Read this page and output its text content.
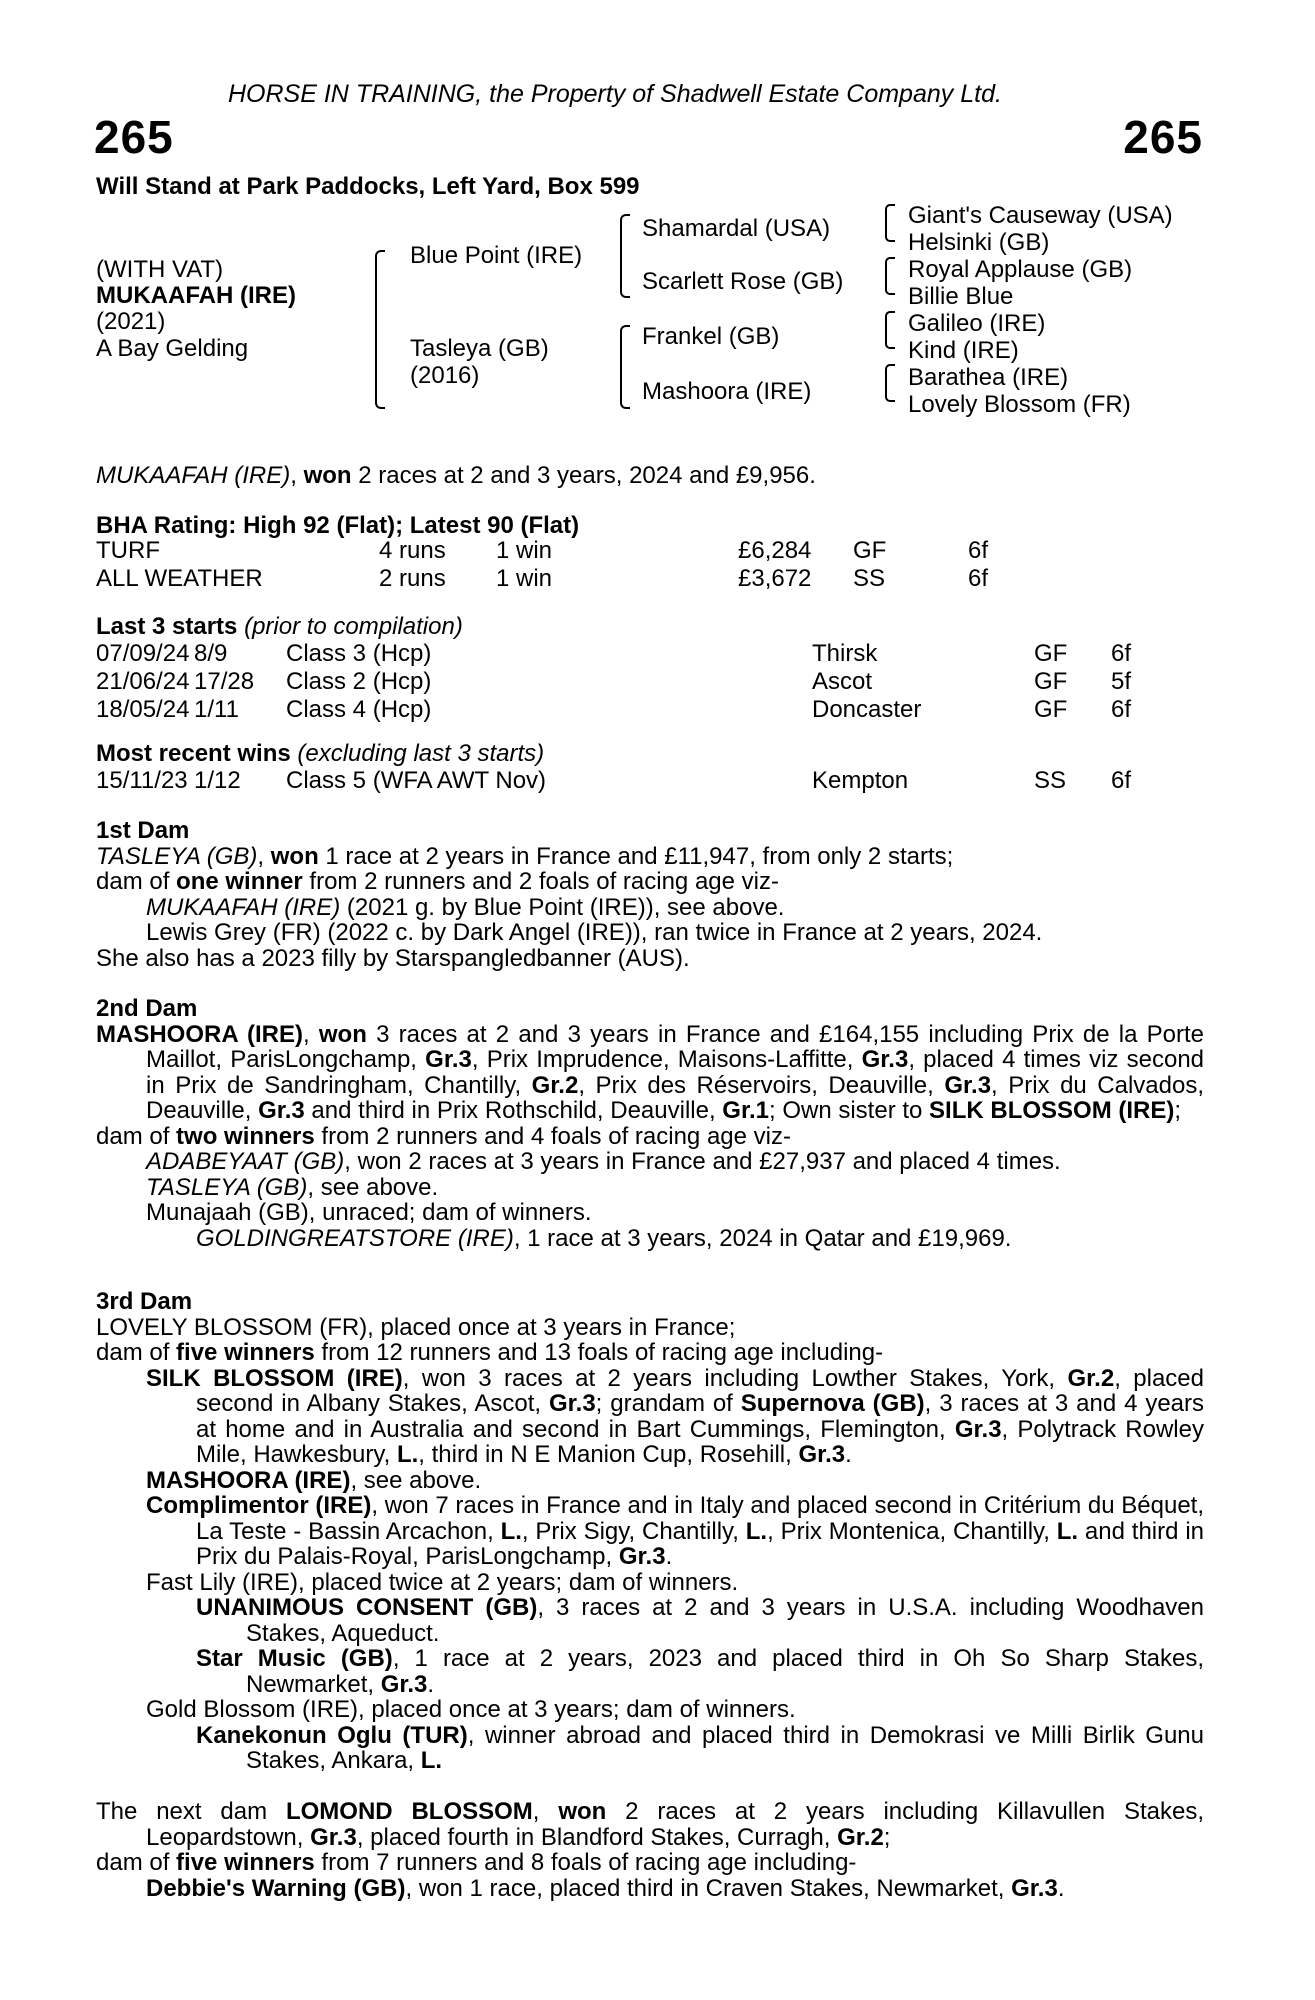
HORSE IN TRAINING, the Property of Shadwell Estate Company Ltd.
265	265
Will Stand at Park Paddocks, Left Yard, Box 599
(WITH VAT)
MUKAAFAH (IRE)
(2021)
A Bay Gelding
Blue Point (IRE)
Tasleya (GB)
(2016)
Shamardal (USA)
Scarlett Rose (GB)
Frankel (GB)
Mashoora (IRE)
Giant's Causeway (USA)
Helsinki (GB)
Royal Applause (GB)
Billie Blue
Galileo (IRE)
Kind (IRE)
Barathea (IRE)
Lovely Blossom (FR)
MUKAAFAH (IRE), won 2 races at 2 and 3 years, 2024 and £9,956.
BHA Rating: High 92 (Flat); Latest 90 (Flat)
TURF	4 runs	1 win	£6,284	GF	6f
ALL WEATHER	2 runs	1 win	£3,672	SS	6f
Last 3 starts (prior to compilation)
07/09/24	8/9	Class 3 (Hcp)	Thirsk	GF	6f
21/06/24	17/28	Class 2 (Hcp)	Ascot	GF	5f
18/05/24	1/11	Class 4 (Hcp)	Doncaster	GF	6f
Most recent wins (excluding last 3 starts)
15/11/23	1/12	Class 5 (WFA AWT Nov)	Kempton	SS	6f

1st Dam

TASLEYA (GB), won 1 race at 2 years in France and £11,947, from only 2 starts;

dam of one winner from 2 runners and 2 foals of racing age viz-

MUKAAFAH (IRE) (2021 g. by Blue Point (IRE)), see above.

Lewis Grey (FR) (2022 c. by Dark Angel (IRE)), ran twice in France at 2 years, 2024.

She also has a 2023 filly by Starspangledbanner (AUS).

2nd Dam

MASHOORA (IRE), won 3 races at 2 and 3 years in France and £164,155 including Prix de la Porte Maillot, ParisLongchamp, Gr.3, Prix Imprudence, Maisons-Laffitte, Gr.3, placed 4 times viz second in Prix de Sandringham, Chantilly, Gr.2, Prix des Réservoirs, Deauville, Gr.3, Prix du Calvados, Deauville, Gr.3 and third in Prix Rothschild, Deauville, Gr.1; Own sister to SILK BLOSSOM (IRE);

dam of two winners from 2 runners and 4 foals of racing age viz-

ADABEYAAT (GB), won 2 races at 3 years in France and £27,937 and placed 4 times.

TASLEYA (GB), see above.

Munajaah (GB), unraced; dam of winners.

GOLDINGREATSTORE (IRE), 1 race at 3 years, 2024 in Qatar and £19,969.

3rd Dam

LOVELY BLOSSOM (FR), placed once at 3 years in France;

dam of five winners from 12 runners and 13 foals of racing age including-

SILK BLOSSOM (IRE), won 3 races at 2 years including Lowther Stakes, York, Gr.2, placed second in Albany Stakes, Ascot, Gr.3; grandam of Supernova (GB), 3 races at 3 and 4 years at home and in Australia and second in Bart Cummings, Flemington, Gr.3, Polytrack Rowley Mile, Hawkesbury, L., third in N E Manion Cup, Rosehill, Gr.3.

MASHOORA (IRE), see above.

Complimentor (IRE), won 7 races in France and in Italy and placed second in Critérium du Béquet, La Teste - Bassin Arcachon, L., Prix Sigy, Chantilly, L., Prix Montenica, Chantilly, L. and third in Prix du Palais-Royal, ParisLongchamp, Gr.3.

Fast Lily (IRE), placed twice at 2 years; dam of winners.

UNANIMOUS CONSENT (GB), 3 races at 2 and 3 years in U.S.A. including Woodhaven Stakes, Aqueduct.

Star Music (GB), 1 race at 2 years, 2023 and placed third in Oh So Sharp Stakes, Newmarket, Gr.3.

Gold Blossom (IRE), placed once at 3 years; dam of winners.

Kanekonun Oglu (TUR), winner abroad and placed third in Demokrasi ve Milli Birlik Gunu Stakes, Ankara, L.

The next dam LOMOND BLOSSOM, won 2 races at 2 years including Killavullen Stakes, Leopardstown, Gr.3, placed fourth in Blandford Stakes, Curragh, Gr.2;

dam of five winners from 7 runners and 8 foals of racing age including-

Debbie's Warning (GB), won 1 race, placed third in Craven Stakes, Newmarket, Gr.3.
